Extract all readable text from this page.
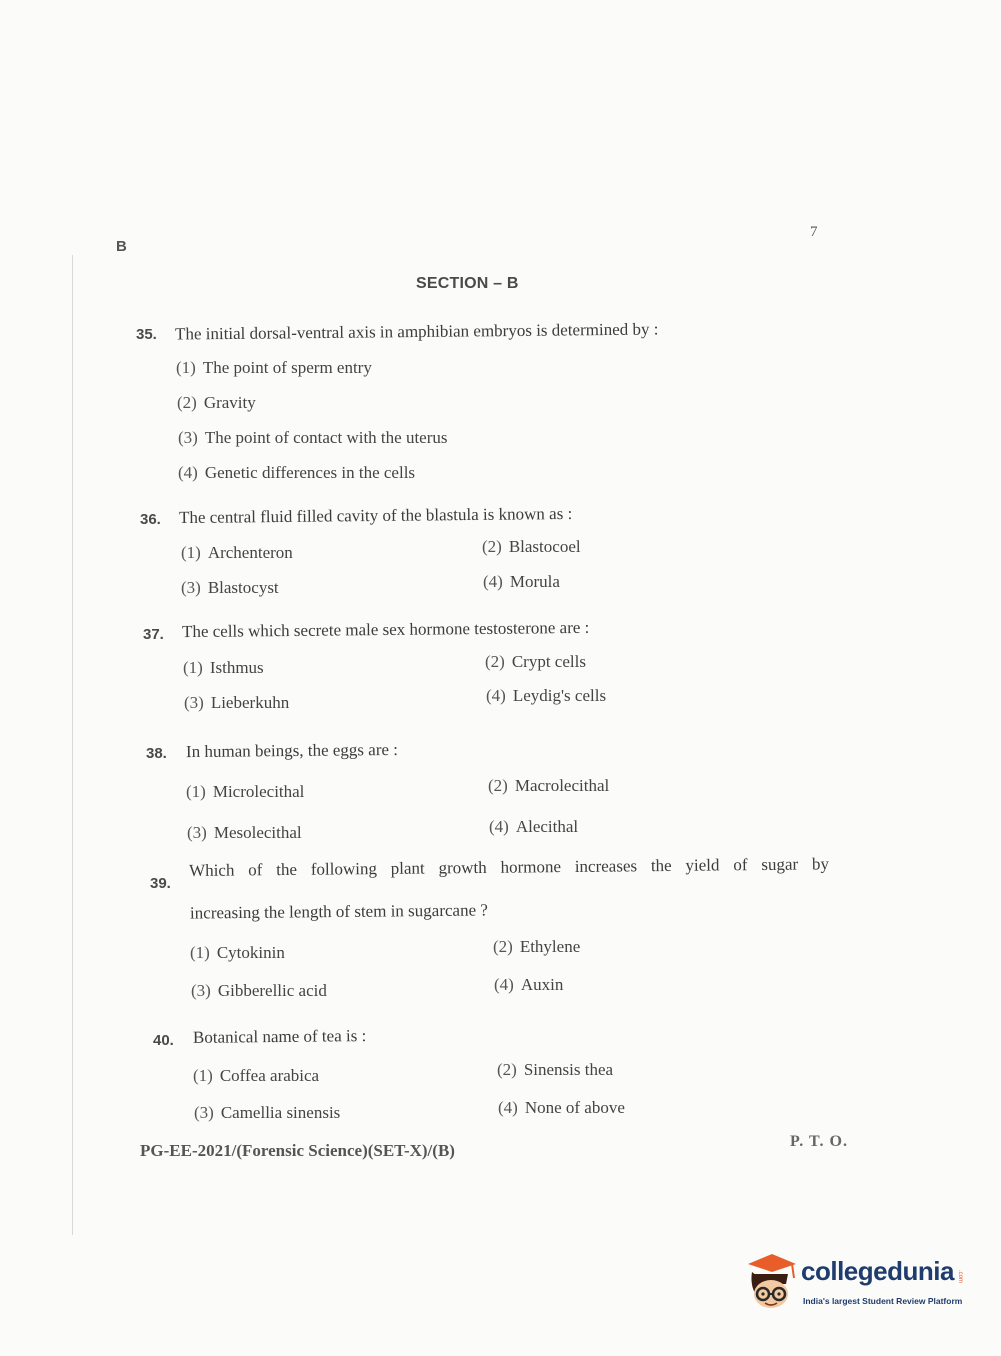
B
7
SECTION – B
35. The initial dorsal-ventral axis in amphibian embryos is determined by :
(1) The point of sperm entry
(2) Gravity
(3) The point of contact with the uterus
(4) Genetic differences in the cells
36. The central fluid filled cavity of the blastula is known as :
(1) Archenteron	(2) Blastocoel
(3) Blastocyst	(4) Morula
37. The cells which secrete male sex hormone testosterone are :
(1) Isthmus	(2) Crypt cells
(3) Lieberkuhn	(4) Leydig's cells
38. In human beings, the eggs are :
(1) Microlecithal	(2) Macrolecithal
(3) Mesolecithal	(4) Alecithal
39.
Which of the following plant growth hormone increases the yield of sugar by
increasing the length of stem in sugarcane ?
(1) Cytokinin	(2) Ethylene
(3) Gibberellic acid	(4) Auxin
40. Botanical name of tea is :
(1) Coffea arabica	(2) Sinensis thea
(3) Camellia sinensis	(4) None of above
PG-EE-2021/(Forensic Science)(SET-X)/(B)	P. T. O.
collegedunia .com
India's largest Student Review Platform
